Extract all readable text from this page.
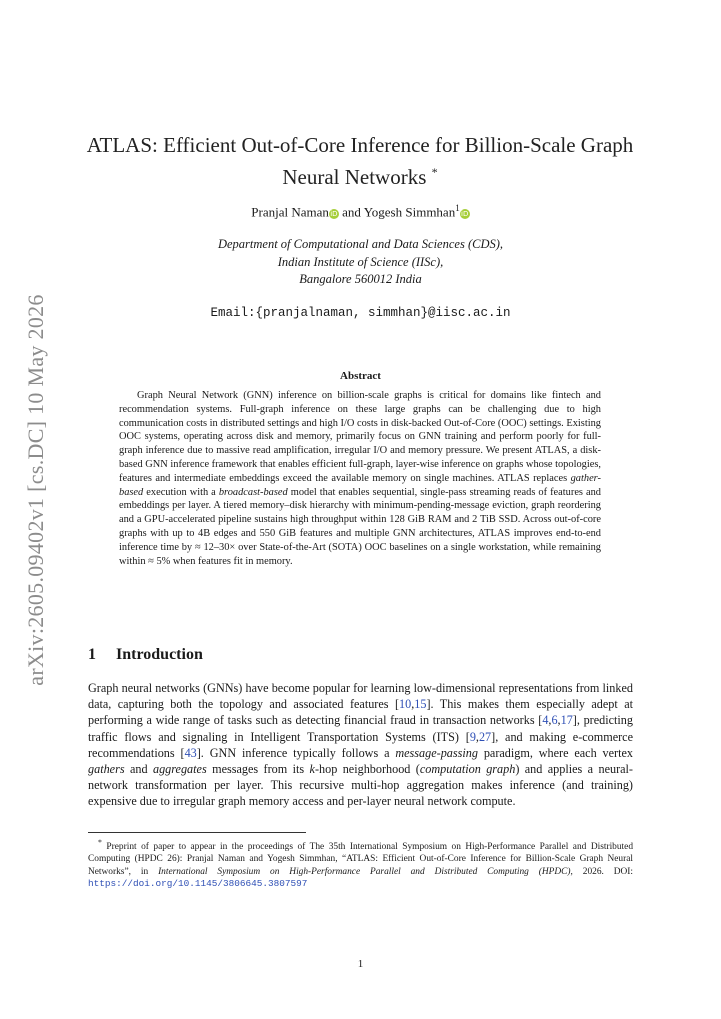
arXiv:2605.09402v1 [cs.DC] 10 May 2026
ATLAS: Efficient Out-of-Core Inference for Billion-Scale Graph
Neural Networks *
Pranjal NamaniD and Yogesh Simmhan$^1$iD
Department of Computational and Data Sciences (CDS),
Indian Institute of Science (IISc),
Bangalore 560012 India
Email:{pranjalnaman, simmhan}@iisc.ac.in
Abstract
Graph Neural Network (GNN) inference on billion-scale graphs is critical for domains like fintech and recommendation systems. Full-graph inference on these large graphs can be challenging due to high communication costs in distributed settings and high I/O costs in disk-backed Out-of-Core (OOC) settings. Existing OOC systems, operating across disk and memory, primarily focus on GNN training and perform poorly for full-graph inference due to massive read amplification, irregular I/O and memory pressure. We present ATLAS, a disk-based GNN inference framework that enables efficient full-graph, layer-wise inference on graphs whose topologies, features and intermediate embeddings exceed the available memory on single machines. ATLAS replaces gather-based execution with a broadcast-based model that enables sequential, single-pass streaming reads of features and embeddings per layer. A tiered memory–disk hierarchy with minimum-pending-message eviction, graph reordering and a GPU-accelerated pipeline sustains high throughput within 128 GiB RAM and 2 TiB SSD. Across out-of-core graphs with up to 4B edges and 550 GiB features and multiple GNN architectures, ATLAS improves end-to-end inference time by ≈ 12–30× over State-of-the-Art (SOTA) OOC baselines on a single workstation, while remaining within ≈ 5% when features fit in memory.
1 Introduction
Graph neural networks (GNNs) have become popular for learning low-dimensional representations from linked data, capturing both the topology and associated features [10,15]. This makes them especially adept at performing a wide range of tasks such as detecting financial fraud in transaction networks [4,6,17], predicting traffic flows and signaling in Intelligent Transportation Systems (ITS) [9,27], and making e-commerce recommendations [43]. GNN inference typically follows a message-passing paradigm, where each vertex gathers and aggregates messages from its k-hop neighborhood (computation graph) and applies a neural-network transformation per layer. This recursive multi-hop aggregation makes inference (and training) expensive due to irregular graph memory access and per-layer neural network compute.
* Preprint of paper to appear in the proceedings of The 35th International Symposium on High-Performance Parallel and Distributed Computing (HPDC 26): Pranjal Naman and Yogesh Simmhan, “ATLAS: Efficient Out-of-Core Inference for Billion-Scale Graph Neural Networks”, in International Symposium on High-Performance Parallel and Distributed Computing (HPDC), 2026. DOI: https://doi.org/10.1145/3806645.3807597
1
